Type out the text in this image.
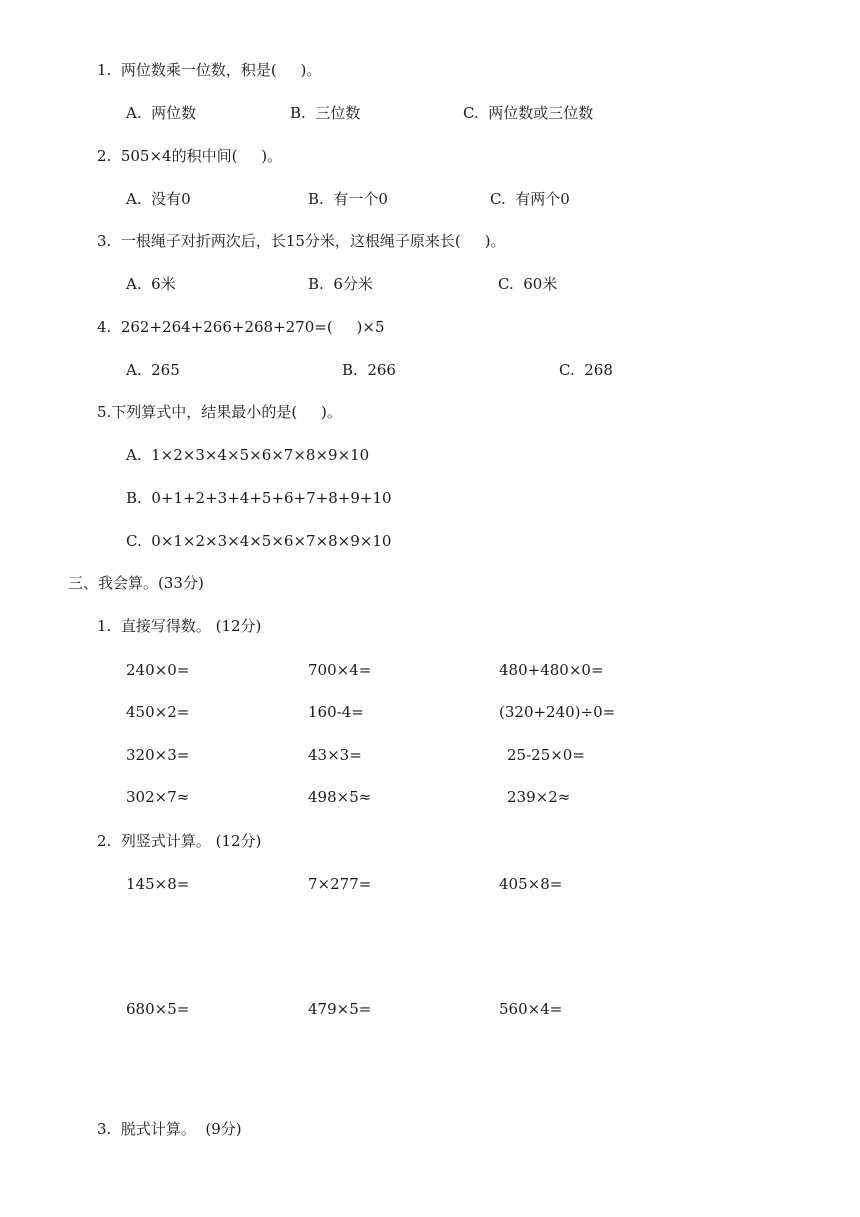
1.  两位数乘一位数，积是(     )。
A.  两位数	B.  三位数	C.  两位数或三位数
2.  505×4的积中间(     )。
A.  没有0	B.  有一个0	C.  有两个0
3.  一根绳子对折两次后，长15分米，这根绳子原来长(     )。
A.  6米	B.  6分米	C.  60米
4.  262+264+266+268+270=(     )×5
A.  265	B.  266	C.  268
5.下列算式中，结果最小的是(     )。
A.  1×2×3×4×5×6×7×8×9×10
B.  0+1+2+3+4+5+6+7+8+9+10
C.  0×1×2×3×4×5×6×7×8×9×10
三、我会算。(33分)
1.  直接写得数。 (12分)
240×0=	700×4=	480+480×0=
450×2=	160-4=	(320+240)÷0=
320×3=	43×3=	25-25×0=
302×7≈	498×5≈	239×2≈
2.  列竖式计算。 (12分)
145×8=	7×277=	405×8=
680×5=	479×5=	560×4=
3.  脱式计算。  (9分)
